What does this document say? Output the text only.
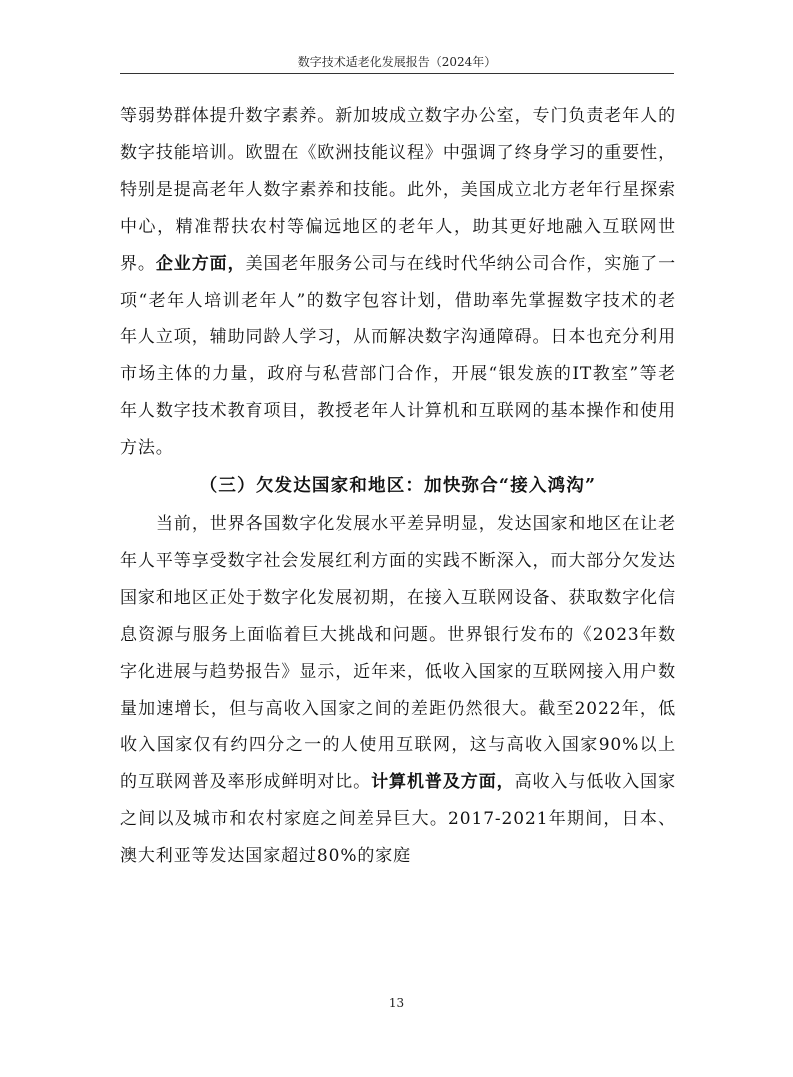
数字技术适老化发展报告（2024年）

等弱势群体提升数字素养。新加坡成立数字办公室，专门负责老年人的数字技能培训。欧盟在《欧洲技能议程》中强调了终身学习的重要性，特别是提高老年人数字素养和技能。此外，美国成立北方老年行星探索中心，精准帮扶农村等偏远地区的老年人，助其更好地融入互联网世界。企业方面，美国老年服务公司与在线时代华纳公司合作，实施了一项“老年人培训老年人”的数字包容计划，借助率先掌握数字技术的老年人立项，辅助同龄人学习，从而解决数字沟通障碍。日本也充分利用市场主体的力量，政府与私营部门合作，开展“银发族的IT教室”等老年人数字技术教育项目，教授老年人计算机和互联网的基本操作和使用方法。

（三）欠发达国家和地区：加快弥合“接入鸿沟”

当前，世界各国数字化发展水平差异明显，发达国家和地区在让老年人平等享受数字社会发展红利方面的实践不断深入，而大部分欠发达国家和地区正处于数字化发展初期，在接入互联网设备、获取数字化信息资源与服务上面临着巨大挑战和问题。世界银行发布的《2023年数字化进展与趋势报告》显示，近年来，低收入国家的互联网接入用户数量加速增长，但与高收入国家之间的差距仍然很大。截至2022年，低收入国家仅有约四分之一的人使用互联网，这与高收入国家90%以上的互联网普及率形成鲜明对比。计算机普及方面，高收入与低收入国家之间以及城市和农村家庭之间差异巨大。2017-2021年期间，日本、澳大利亚等发达国家超过80%的家庭

13
